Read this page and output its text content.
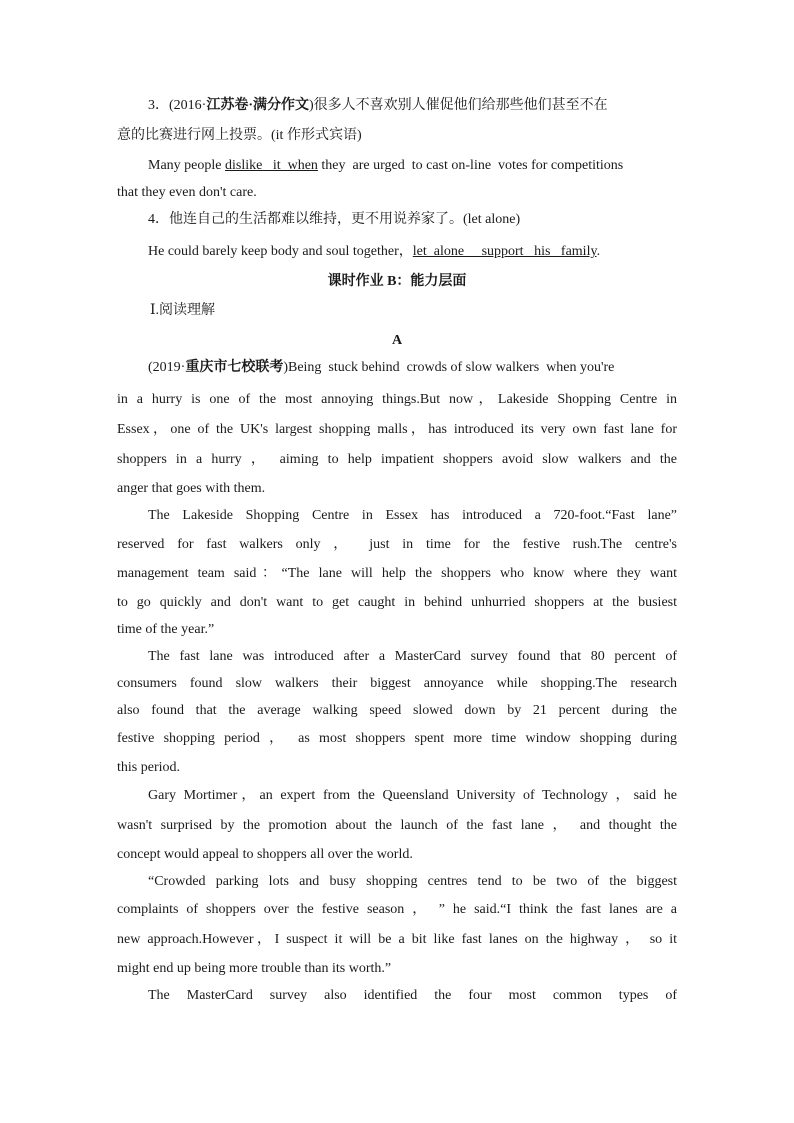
3．(2016·江苏卷·满分作文)很多人不喜欢别人催促他们给那些他们甚至不在
意的比赛进行网上投票。(it 作形式宾语)
Many people dislike   it  when they  are urged  to cast on-line  votes for competitions
that they even don't care.
4．他连自己的生活都难以维持，更不用说养家了。(let alone)
He could barely keep body and soul together，let  alone     support   his   family.
课时作业 B：能力层面
Ⅰ.阅读理解
A
(2019·重庆市七校联考)Being  stuck behind  crowds of slow walkers  when you're
in a hurry is one of the most annoying things.But now，Lakeside Shopping Centre in
Essex，one of the UK's largest shopping malls，has introduced its very own fast lane for
shoppers in a hurry ， aiming to help impatient shoppers avoid slow walkers and the
anger that goes with them.
The Lakeside Shopping Centre in Essex has introduced a 720-foot.“Fast lane”
reserved for fast walkers only ， just in time for the festive rush.The centre's
management team said：“The lane will help the shoppers who know where they want
to go quickly and don't want to get caught in behind unhurried shoppers at the busiest
time of the year.”
The fast lane was introduced after a MasterCard survey found that 80 percent of
consumers found slow walkers their biggest annoyance while shopping.The research
also found that the average walking speed slowed down by 21 percent during the
festive shopping period ， as most shoppers spent more time window shopping during
this period.
Gary Mortimer，an expert from the Queensland University of Technology ，said he
wasn't surprised by the promotion about the launch of the fast lane ， and thought the
concept would appeal to shoppers all over the world.
“Crowded parking lots and busy shopping centres tend to be two of the biggest
complaints of shoppers over the festive season ， ” he said.“I think the fast lanes are a
new approach.However，I suspect it will be a bit like fast lanes on the highway ， so it
might end up being more trouble than its worth.”
The MasterCard survey also identified the four most common types of
